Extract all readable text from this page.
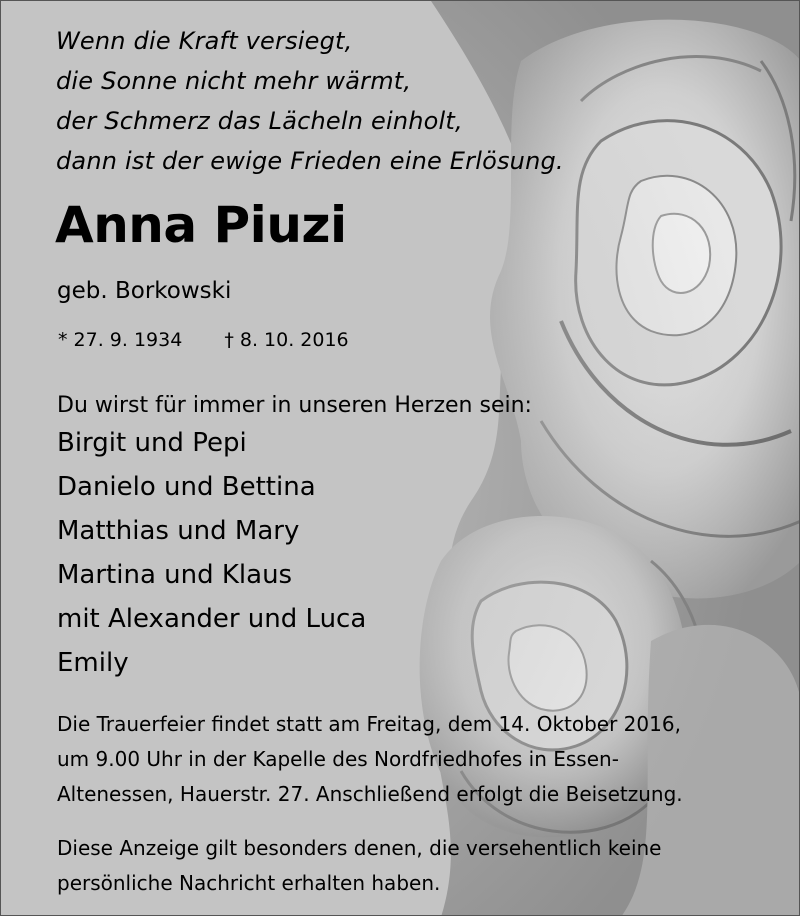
Wenn die Kraft versiegt,
die Sonne nicht mehr wärmt,
der Schmerz das Lächeln einholt,
dann ist der ewige Frieden eine Erlösung.

Anna Piuzi
geb. Borkowski
* 27. 9. 1934 † 8. 10. 2016
Du wirst für immer in unseren Herzen sein:
Birgit und Pepi
Danielo und Bettina
Matthias und Mary
Martina und Klaus
mit Alexander und Luca
Emily

Die Trauerfeier findet statt am Freitag, dem 14. Oktober 2016,
um 9.00 Uhr in der Kapelle des Nordfriedhofes in Essen-
Altenessen, Hauerstr. 27. Anschließend erfolgt die Beisetzung.

Diese Anzeige gilt besonders denen, die versehentlich keine
persönliche Nachricht erhalten haben.
